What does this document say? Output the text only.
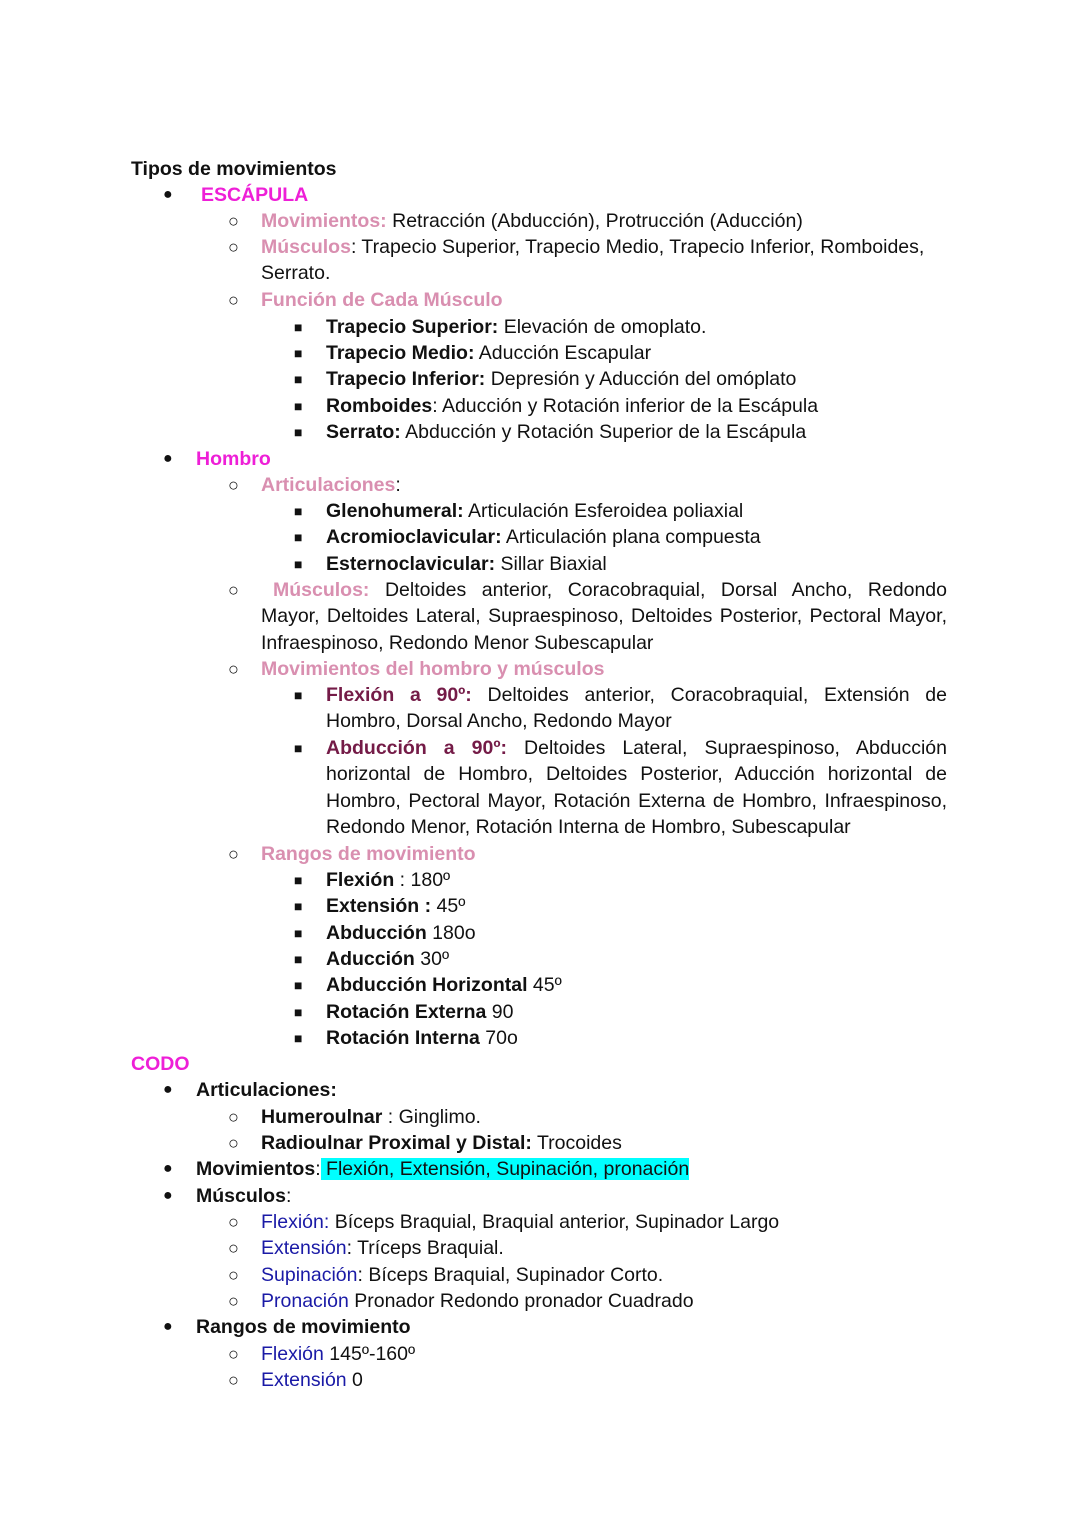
Tipos de movimientos
● ESCÁPULA
○ Movimientos: Retracción (Abducción), Protrucción (Aducción)
○ Músculos: Trapecio Superior, Trapecio Medio, Trapecio Inferior, Romboides, Serrato.
○ Función de Cada Músculo
■ Trapecio Superior: Elevación de omoplato.
■ Trapecio Medio: Aducción Escapular
■ Trapecio Inferior: Depresión y Aducción del omóplato
■ Romboides: Aducción y Rotación inferior de la Escápula
■ Serrato: Abducción y Rotación Superior de la Escápula
● Hombro
○ Articulaciones:
■ Glenohumeral: Articulación Esferoidea poliaxial
■ Acromioclavicular: Articulación plana compuesta
■ Esternoclavicular: Sillar Biaxial
○	Músculos: Deltoides anterior, Coracobraquial, Dorsal Ancho, Redondo Mayor, Deltoides Lateral, Supraespinoso, Deltoides Posterior, Pectoral Mayor, Infraespinoso, Redondo Menor Subescapular
○ Movimientos del hombro y músculos
■ Flexión a 90º: Deltoides anterior, Coracobraquial, Extensión de Hombro, Dorsal Ancho, Redondo Mayor
■ Abducción a 90º: Deltoides Lateral, Supraespinoso, Abducción horizontal de Hombro, Deltoides Posterior, Aducción horizontal de Hombro, Pectoral Mayor, Rotación Externa de Hombro, Infraespinoso, Redondo Menor, Rotación Interna de Hombro, Subescapular
○ Rangos de movimiento
■ Flexión : 180º
■ Extensión : 45º
■ Abducción 180o
■ Aducción 30º
■ Abducción Horizontal 45º
■ Rotación Externa 90
■ Rotación Interna 70o
CODO
● Articulaciones:
○ Humeroulnar : Ginglimo.
○ Radioulnar Proximal y Distal: Trocoides
● Movimientos: Flexión, Extensión, Supinación, pronación
● Músculos:
○ Flexión: Bíceps Braquial, Braquial anterior, Supinador Largo
○ Extensión: Tríceps Braquial.
○ Supinación: Bíceps Braquial, Supinador Corto.
○ Pronación Pronador Redondo pronador Cuadrado
● Rangos de movimiento
○ Flexión 145º-160º
○ Extensión 0
